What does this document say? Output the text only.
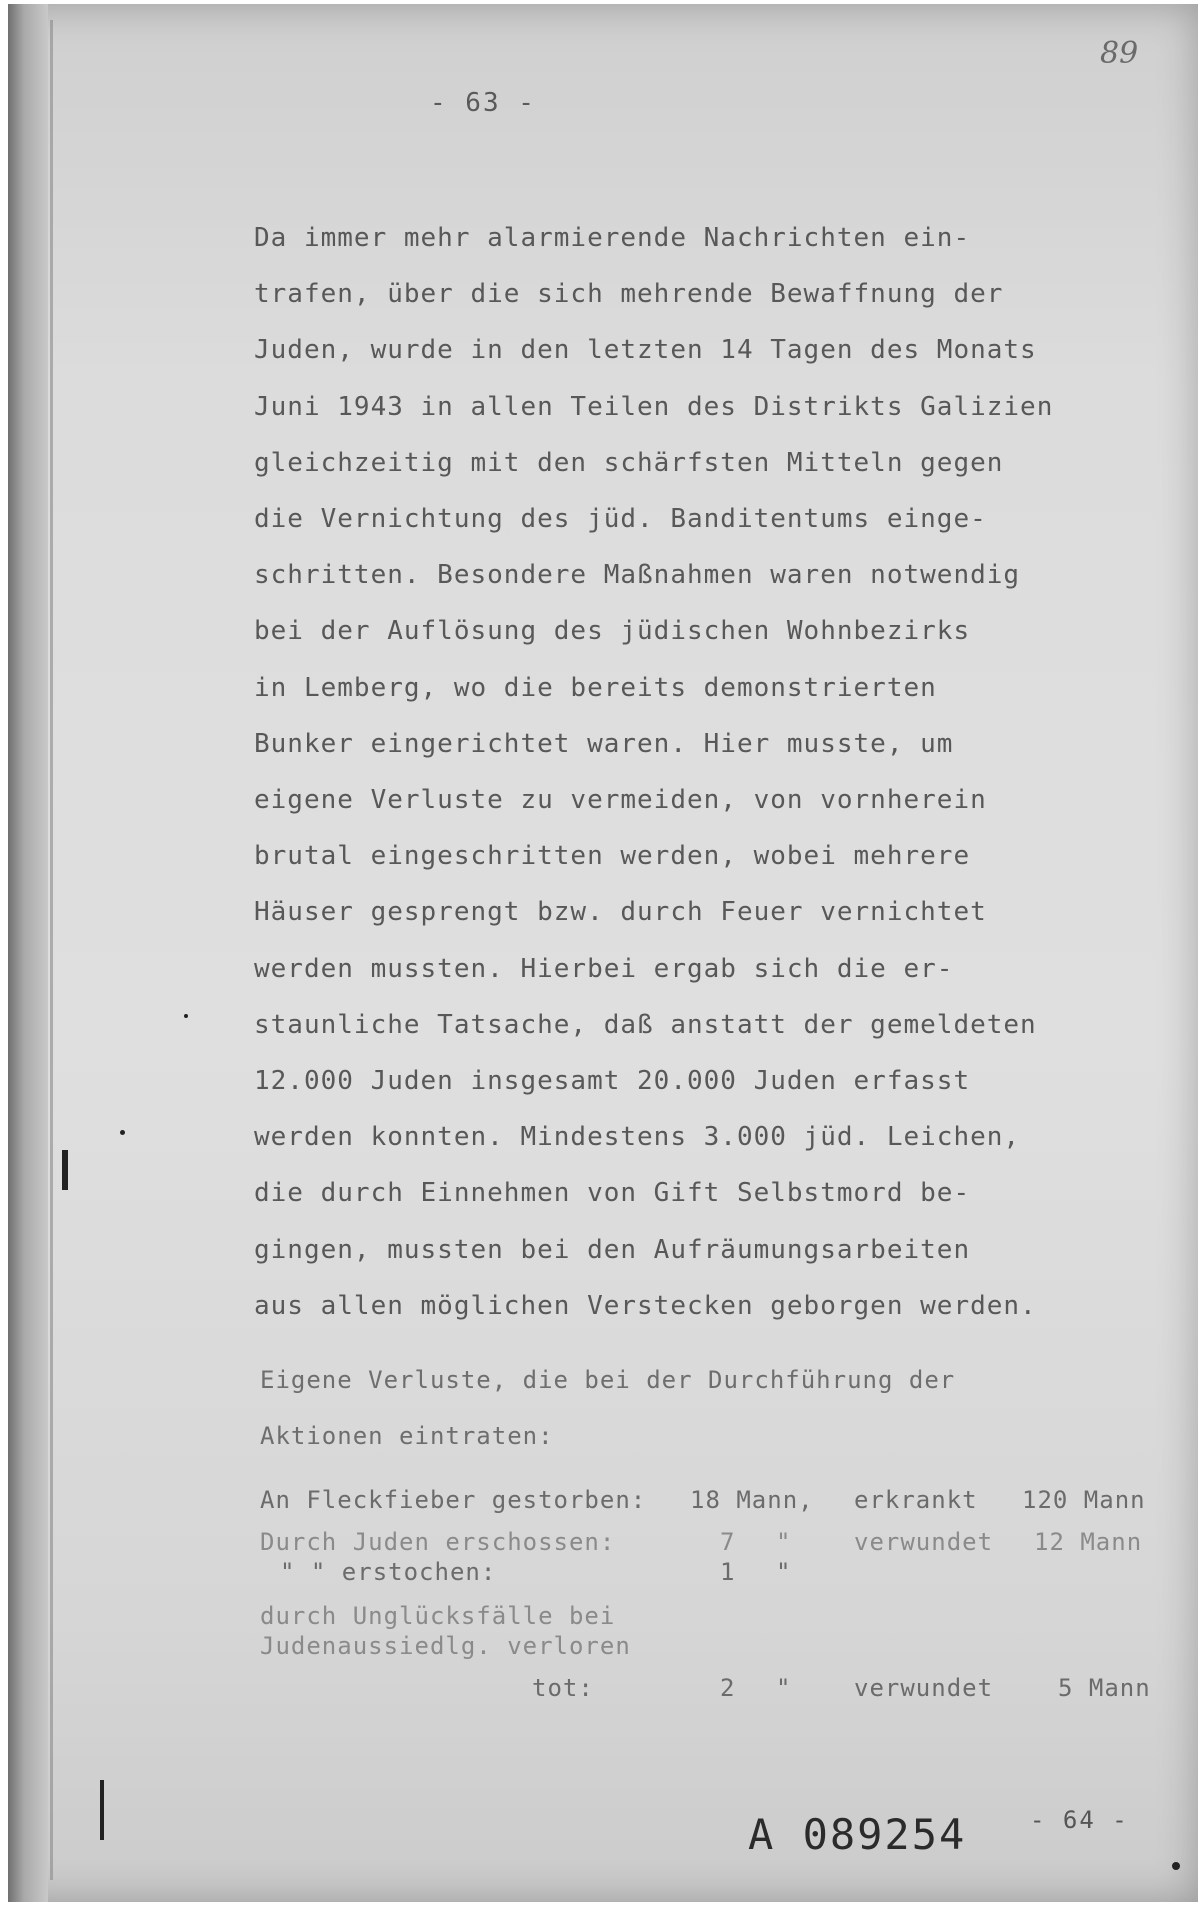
- 63 -
89
Da immer mehr alarmierende Nachrichten ein-
trafen, über die sich mehrende Bewaffnung der
Juden, wurde in den letzten 14 Tagen des Monats
Juni 1943 in allen Teilen des Distrikts Galizien
gleichzeitig mit den schärfsten Mitteln gegen
die Vernichtung des jüd. Banditentums einge-
schritten. Besondere Maßnahmen waren notwendig
bei der Auflösung des jüdischen Wohnbezirks
in Lemberg, wo die bereits demonstrierten
Bunker eingerichtet waren. Hier musste, um
eigene Verluste zu vermeiden, von vornherein
brutal eingeschritten werden, wobei mehrere
Häuser gesprengt bzw. durch Feuer vernichtet
werden mussten. Hierbei ergab sich die er-
staunliche Tatsache, daß anstatt der gemeldeten
12.000 Juden insgesamt 20.000 Juden erfasst
werden konnten. Mindestens 3.000 jüd. Leichen,
die durch Einnehmen von Gift Selbstmord be-
gingen, mussten bei den Aufräumungsarbeiten
aus allen möglichen Verstecken geborgen werden.
Eigene Verluste, die bei der Durchführung der
Aktionen eintraten:
An Fleckfieber gestorben: 18 Mann, erkrankt 120 Mann
Durch Juden erschossen:	7 "	verwundet 12 Mann
" " erstochen:	1 "
durch Unglücksfälle bei
Judenaussiedlg. verloren
tot:	2 "	verwundet	5 Mann
A 089254	- 64 -
